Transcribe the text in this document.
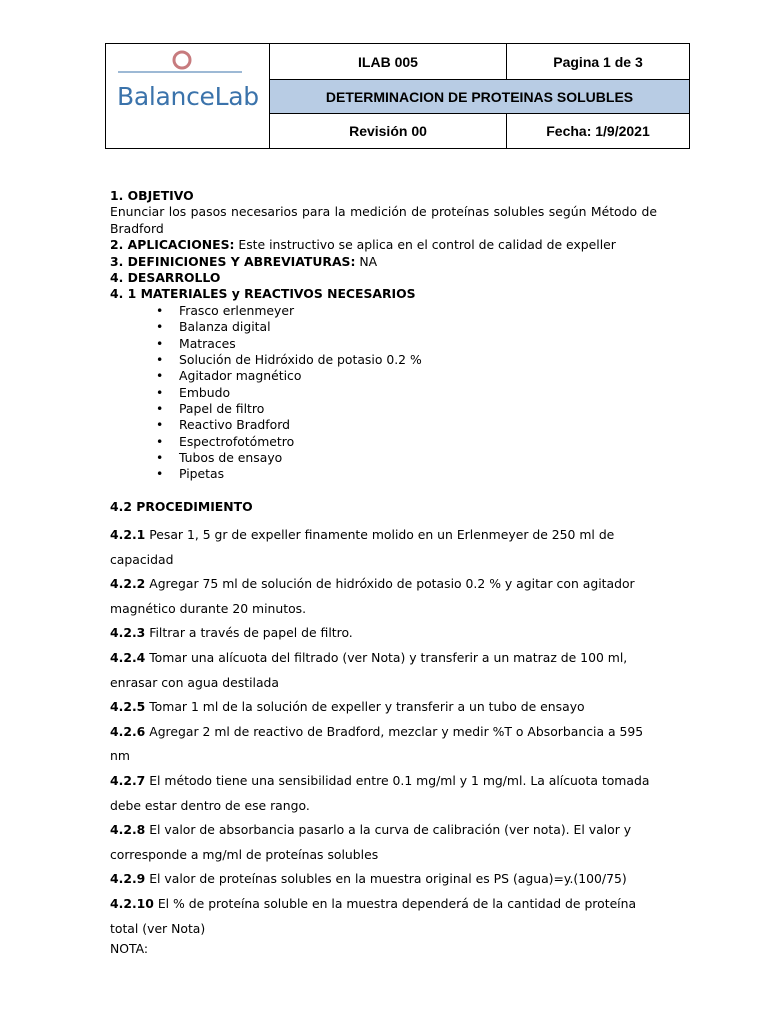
BalanceLab	ILAB 005	Pagina 1 de 3
	DETERMINACION DE PROTEINAS SOLUBLES	
	Revisión 00	Fecha: 1/9/2021

1. OBJETIVO

Enunciar los pasos necesarios para la medición de proteínas solubles según Método de Bradford

2. APLICACIONES: Este instructivo se aplica en el control de calidad de expeller

3. DEFINICIONES Y ABREVIATURAS: NA

4. DESARROLLO

4. 1 MATERIALES y REACTIVOS NECESARIOS

• Frasco erlenmeyer
• Balanza digital
• Matraces
• Solución de Hidróxido de potasio 0.2 %
• Agitador magnético
• Embudo
• Papel de filtro
• Reactivo Bradford
• Espectrofotómetro
• Tubos de ensayo
• Pipetas

4.2 PROCEDIMIENTO

4.2.1 Pesar 1, 5 gr de expeller finamente molido en un Erlenmeyer de 250 ml de capacidad

4.2.2 Agregar 75 ml de solución de hidróxido de potasio 0.2 % y agitar con agitador magnético durante 20 minutos.

4.2.3 Filtrar a través de papel de filtro.

4.2.4 Tomar una alícuota del filtrado (ver Nota) y transferir a un matraz de 100 ml, enrasar con agua destilada

4.2.5 Tomar 1 ml de la solución de expeller y transferir a un tubo de ensayo

4.2.6 Agregar 2 ml de reactivo de Bradford, mezclar y medir %T o Absorbancia a 595 nm

4.2.7 El método tiene una sensibilidad entre 0.1 mg/ml y 1 mg/ml. La alícuota tomada debe estar dentro de ese rango.

4.2.8 El valor de absorbancia pasarlo a la curva de calibración (ver nota). El valor y corresponde a mg/ml de proteínas solubles

4.2.9 El valor de proteínas solubles en la muestra original es PS (agua)=y.(100/75)

4.2.10 El % de proteína soluble en la muestra dependerá de la cantidad de proteína total (ver Nota)

NOTA:
